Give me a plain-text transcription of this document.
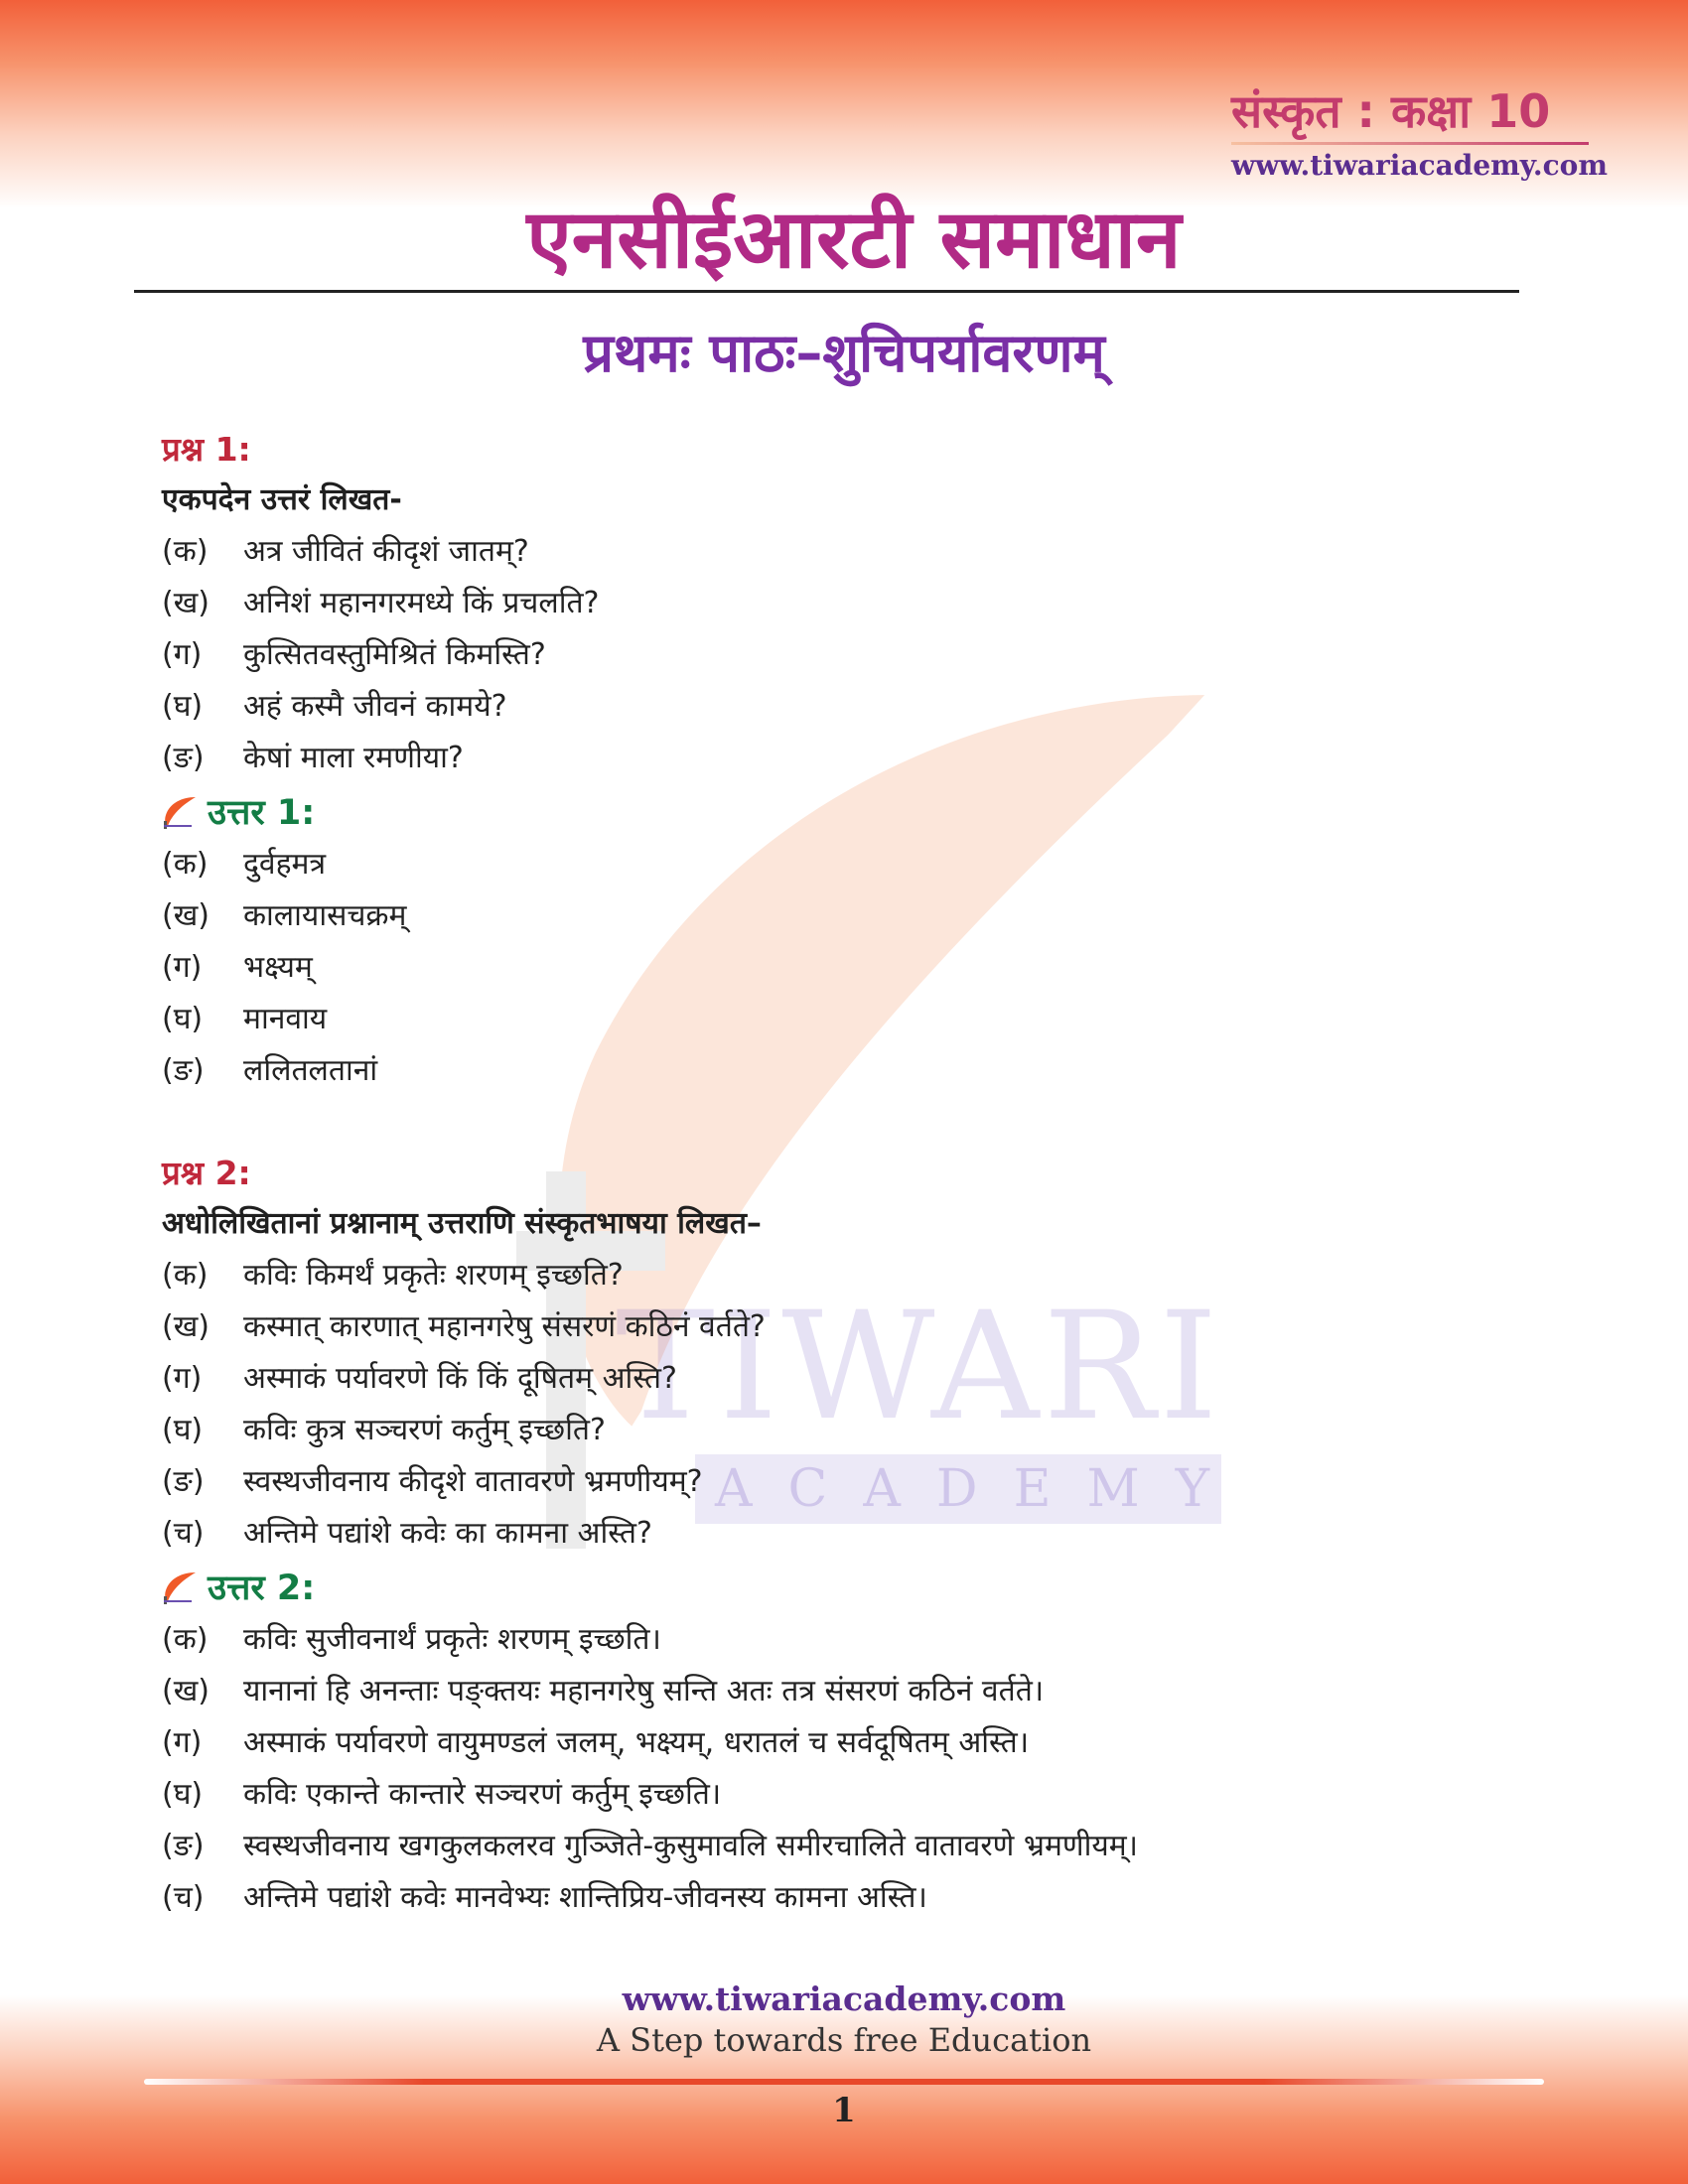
TIWARI
ACADEMY
संस्कृत : कक्षा 10
www.tiwariacademy.com
एनसीईआरटी समाधान
प्रथमः पाठः–शुचिपर्यावरणम्
प्रश्न 1:
एकपदेन उत्तरं लिखत-
(क)	अत्र जीवितं कीदृशं जातम्?
(ख)	अनिशं महानगरमध्ये किं प्रचलति?
(ग)	कुत्सितवस्तुमिश्रितं किमस्ति?
(घ)	अहं कस्मै जीवनं कामये?
(ङ)	केषां माला रमणीया?
उत्तर 1:
(क)	दुर्वहमत्र
(ख)	कालायासचक्रम्
(ग)	भक्ष्यम्
(घ)	मानवाय
(ङ)	ललितलतानां
प्रश्न 2:
अधोलिखितानां प्रश्नानाम् उत्तराणि संस्कृतभाषया लिखत–
(क)	कविः किमर्थं प्रकृतेः शरणम् इच्छति?
(ख)	कस्मात् कारणात् महानगरेषु संसरणं कठिनं वर्तते?
(ग)	अस्माकं पर्यावरणे किं किं दूषितम् अस्ति?
(घ)	कविः कुत्र सञ्चरणं कर्तुम् इच्छति?
(ङ)	स्वस्थजीवनाय कीदृशे वातावरणे भ्रमणीयम्?
(च)	अन्तिमे पद्यांशे कवेः का कामना अस्ति?
उत्तर 2:
(क)	कविः सुजीवनार्थं प्रकृतेः शरणम् इच्छति।
(ख)	यानानां हि अनन्ताः पङ्क्तयः महानगरेषु सन्ति अतः तत्र संसरणं कठिनं वर्तते।
(ग)	अस्माकं पर्यावरणे वायुमण्डलं जलम्, भक्ष्यम्, धरातलं च सर्वदूषितम् अस्ति।
(घ)	कविः एकान्ते कान्तारे सञ्चरणं कर्तुम् इच्छति।
(ङ)	स्वस्थजीवनाय खगकुलकलरव गुञ्जिते-कुसुमावलि समीरचालिते वातावरणे भ्रमणीयम्।
(च)	अन्तिमे पद्यांशे कवेः मानवेभ्यः शान्तिप्रिय-जीवनस्य कामना अस्ति।
www.tiwariacademy.com
A Step towards free Education
1
